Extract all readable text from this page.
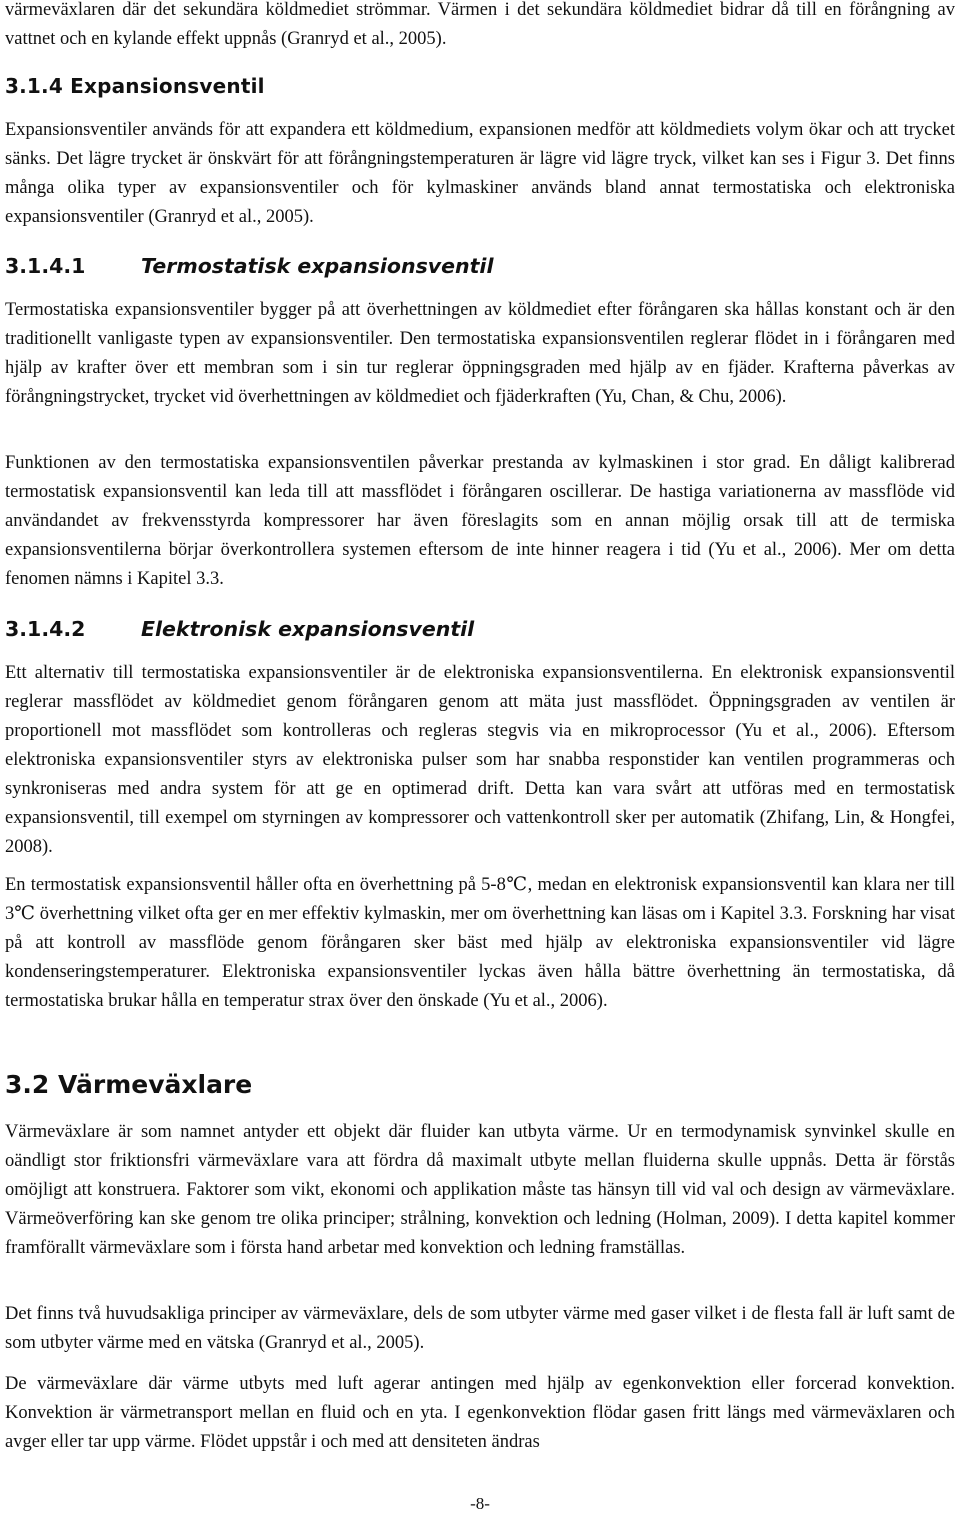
värmeväxlaren där det sekundära köldmediet strömmar. Värmen i det sekundära köldmediet bidrar då till en förångning av vattnet och en kylande effekt uppnås (Granryd et al., 2005).

3.1.4 Expansionsventil

Expansionsventiler används för att expandera ett köldmedium, expansionen medför att köldmediets volym ökar och att trycket sänks. Det lägre trycket är önskvärt för att förångningstemperaturen är lägre vid lägre tryck, vilket kan ses i Figur 3. Det finns många olika typer av expansionsventiler och för kylmaskiner används bland annat termostatiska och elektroniska expansionsventiler (Granryd et al., 2005).

3.1.4.1	Termostatisk expansionsventil

Termostatiska expansionsventiler bygger på att överhettningen av köldmediet efter förångaren ska hållas konstant och är den traditionellt vanligaste typen av expansionsventiler. Den termostatiska expansionsventilen reglerar flödet in i förångaren med hjälp av krafter över ett membran som i sin tur reglerar öppningsgraden med hjälp av en fjäder. Krafterna påverkas av förångningstrycket, trycket vid överhettningen av köldmediet och fjäderkraften (Yu, Chan, & Chu, 2006).

Funktionen av den termostatiska expansionsventilen påverkar prestanda av kylmaskinen i stor grad. En dåligt kalibrerad termostatisk expansionsventil kan leda till att massflödet i förångaren oscillerar. De hastiga variationerna av massflöde vid användandet av frekvensstyrda kompressorer har även föreslagits som en annan möjlig orsak till att de termiska expansionsventilerna börjar överkontrollera systemen eftersom de inte hinner reagera i tid (Yu et al., 2006). Mer om detta fenomen nämns i Kapitel 3.3.

3.1.4.2	Elektronisk expansionsventil

Ett alternativ till termostatiska expansionsventiler är de elektroniska expansionsventilerna. En elektronisk expansionsventil reglerar massflödet av köldmediet genom förångaren genom att mäta just massflödet. Öppningsgraden av ventilen är proportionell mot massflödet som kontrolleras och regleras stegvis via en mikroprocessor (Yu et al., 2006). Eftersom elektroniska expansionsventiler styrs av elektroniska pulser som har snabba responstider kan ventilen programmeras och synkroniseras med andra system för att ge en optimerad drift. Detta kan vara svårt att utföras med en termostatisk expansionsventil, till exempel om styrningen av kompressorer och vattenkontroll sker per automatik (Zhifang, Lin, & Hongfei, 2008).

En termostatisk expansionsventil håller ofta en överhettning på 5-8℃, medan en elektronisk expansionsventil kan klara ner till 3℃ överhettning vilket ofta ger en mer effektiv kylmaskin, mer om överhettning kan läsas om i Kapitel 3.3. Forskning har visat på att kontroll av massflöde genom förångaren sker bäst med hjälp av elektroniska expansionsventiler vid lägre kondenseringstemperaturer. Elektroniska expansionsventiler lyckas även hålla bättre överhettning än termostatiska, då termostatiska brukar hålla en temperatur strax över den önskade (Yu et al., 2006).

3.2 Värmeväxlare

Värmeväxlare är som namnet antyder ett objekt där fluider kan utbyta värme. Ur en termodynamisk synvinkel skulle en oändligt stor friktionsfri värmeväxlare vara att fördra då maximalt utbyte mellan fluiderna skulle uppnås. Detta är förstås omöjligt att konstruera. Faktorer som vikt, ekonomi och applikation måste tas hänsyn till vid val och design av värmeväxlare. Värmeöverföring kan ske genom tre olika principer; strålning, konvektion och ledning (Holman, 2009). I detta kapitel kommer framförallt värmeväxlare som i första hand arbetar med konvektion och ledning framställas.

Det finns två huvudsakliga principer av värmeväxlare, dels de som utbyter värme med gaser vilket i de flesta fall är luft samt de som utbyter värme med en vätska (Granryd et al., 2005).

De värmeväxlare där värme utbyts med luft agerar antingen med hjälp av egenkonvektion eller forcerad konvektion. Konvektion är värmetransport mellan en fluid och en yta. I egenkonvektion flödar gasen fritt längs med värmeväxlaren och avger eller tar upp värme. Flödet uppstår i och med att densiteten ändras

-8-
